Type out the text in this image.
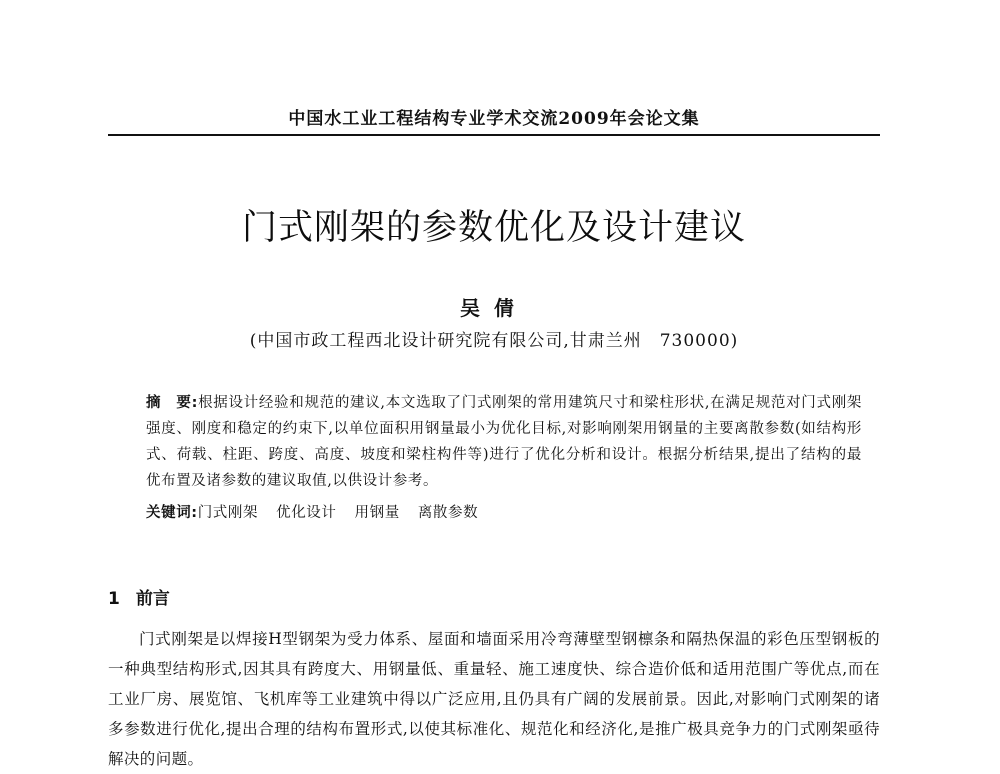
中国水工业工程结构专业学术交流2009年会论文集
门式刚架的参数优化及设计建议
吴倩
(中国市政工程西北设计研究院有限公司,甘肃兰州　730000)
摘　要:根据设计经验和规范的建议,本文选取了门式刚架的常用建筑尺寸和梁柱形状,在满足规范对门式刚架强度、刚度和稳定的约束下,以单位面积用钢量最小为优化目标,对影响刚架用钢量的主要离散参数(如结构形式、荷载、柱距、跨度、高度、坡度和梁柱构件等)进行了优化分析和设计。根据分析结果,提出了结构的最优布置及诸参数的建议取值,以供设计参考。
关键词:门式刚架 优化设计 用钢量 离散参数
1 前言
门式刚架是以焊接H型钢架为受力体系、屋面和墙面采用冷弯薄壁型钢檩条和隔热保温的彩色压型钢板的一种典型结构形式,因其具有跨度大、用钢量低、重量轻、施工速度快、综合造价低和适用范围广等优点,而在工业厂房、展览馆、飞机库等工业建筑中得以广泛应用,且仍具有广阔的发展前景。因此,对影响门式刚架的诸多参数进行优化,提出合理的结构布置形式,以使其标准化、规范化和经济化,是推广极具竞争力的门式刚架亟待解决的问题。
